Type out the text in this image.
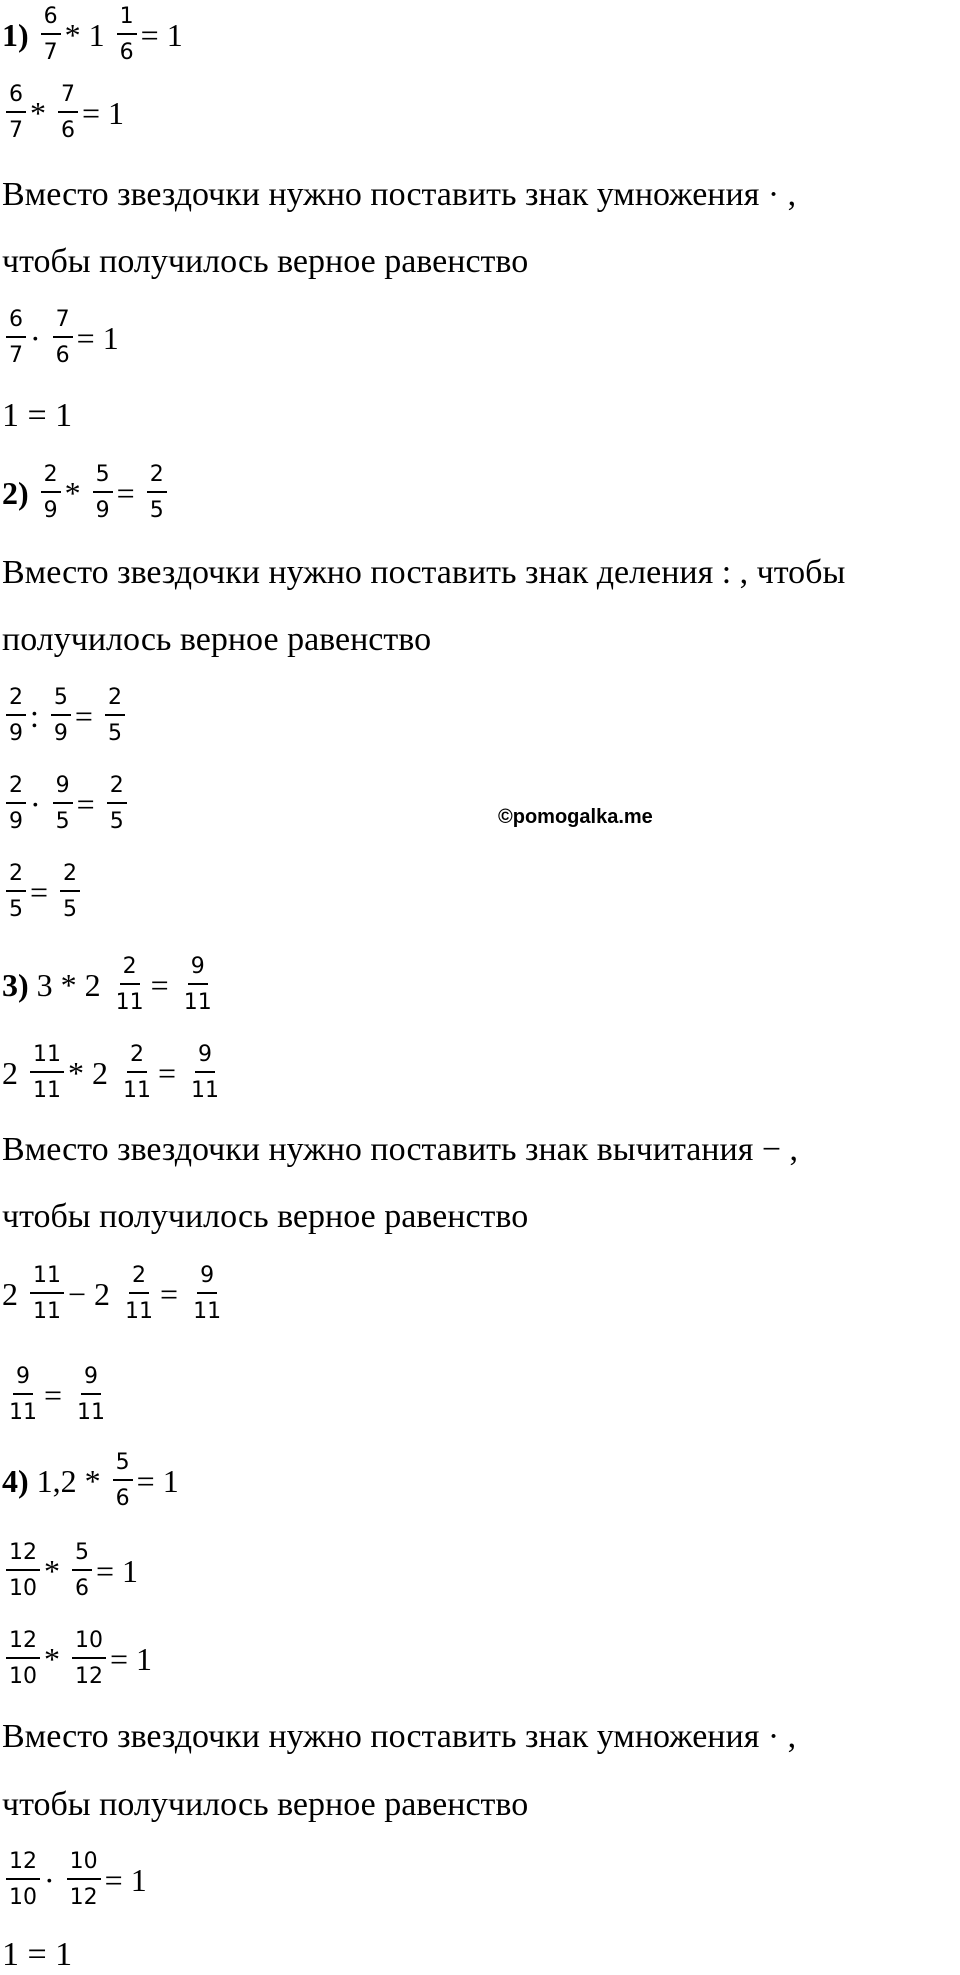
$1) \frac{6}{7} * 1 \frac{1}{6} = 1$
$\frac{6}{7} * \frac{7}{6} = 1$
Вместо звездочки нужно поставить знак умножения · ,
чтобы получилось верное равенство
$\frac{6}{7} \cdot \frac{7}{6} = 1$
1 = 1
$2) \frac{2}{9} * \frac{5}{9} = \frac{2}{5}$
Вместо звездочки нужно поставить знак деления : , чтобы
получилось верное равенство
$\frac{2}{9}$ : $\frac{5}{9} = \frac{2}{5}$
$\frac{2}{9} \cdot \frac{9}{5} = \frac{2}{5}$
$\frac{2}{5} = \frac{2}{5}$
3) $3 * 2 \frac{2}{11} = \frac{9}{11}$
$2 \frac{11}{11} * 2 \frac{2}{11} = \frac{9}{11}$
Вместо звездочки нужно поставить знак вычитания − ,
чтобы получилось верное равенство
$2 \frac{11}{11} - 2 \frac{2}{11} = \frac{9}{11}$
$\frac{9}{11} = \frac{9}{11}$
4) $1,2 * \frac{5}{6} = 1$
$\frac{12}{10} * \frac{5}{6} = 1$
$\frac{12}{10} * \frac{10}{12} = 1$
Вместо звездочки нужно поставить знак умножения · ,
чтобы получилось верное равенство
$\frac{12}{10} \cdot \frac{10}{12} = 1$
1 = 1
©pomogalka.me
